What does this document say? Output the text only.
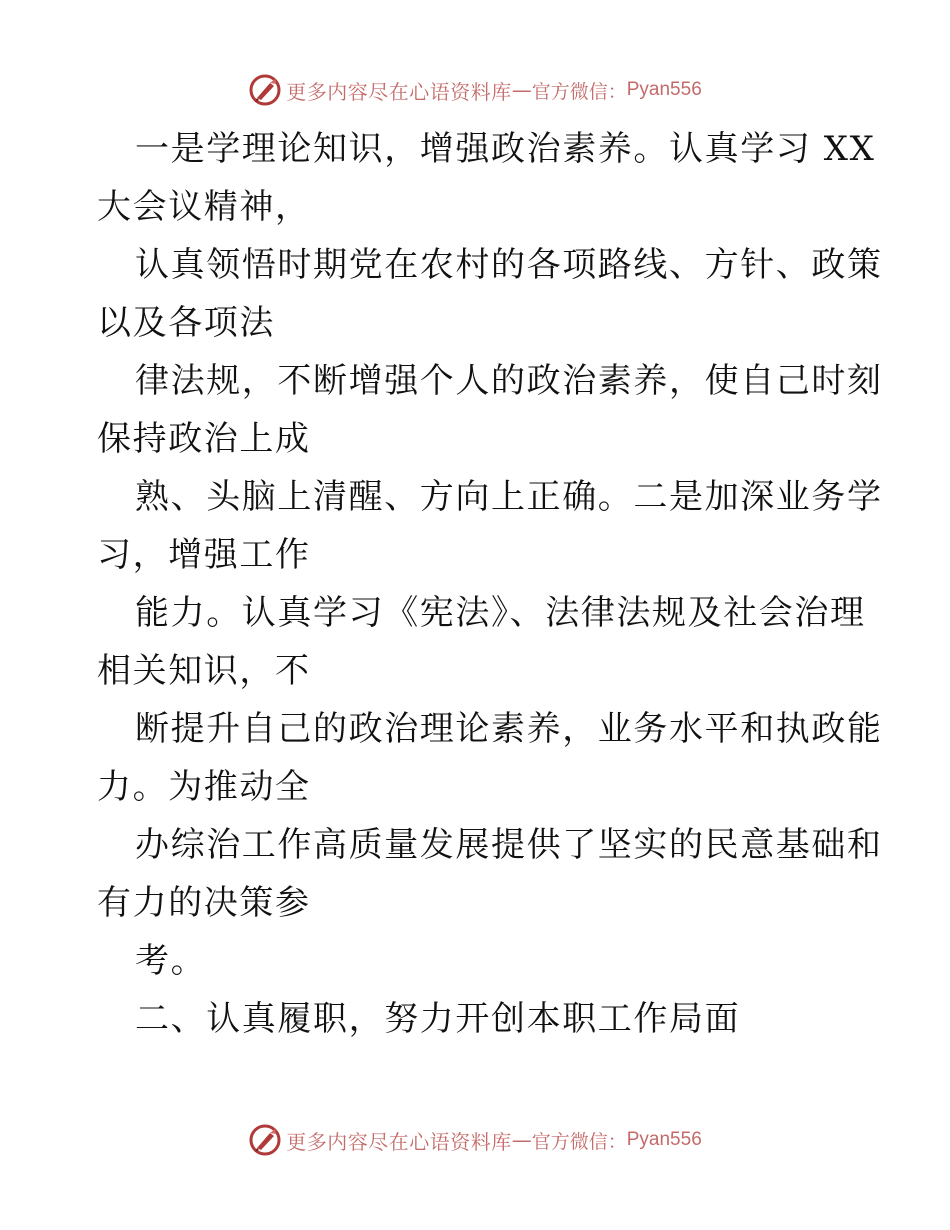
更多内容尽在心语资料库 — 官方微信： Pyan556
一是学理论知识，增强政治素养。认真学习 XX
大会议精神，
认真领悟时期党在农村的各项路线、方针、政策
以及各项法
律法规，不断增强个人的政治素养，使自己时刻
保持政治上成
熟、头脑上清醒、方向上正确。二是加深业务学
习，增强工作
能力。认真学习《宪法》、法律法规及社会治理
相关知识，不
断提升自己的政治理论素养，业务水平和执政能
力。为推动全
办综治工作高质量发展提供了坚实的民意基础和
有力的决策参
考。
二、认真履职，努力开创本职工作局面
更多内容尽在心语资料库 — 官方微信： Pyan556
